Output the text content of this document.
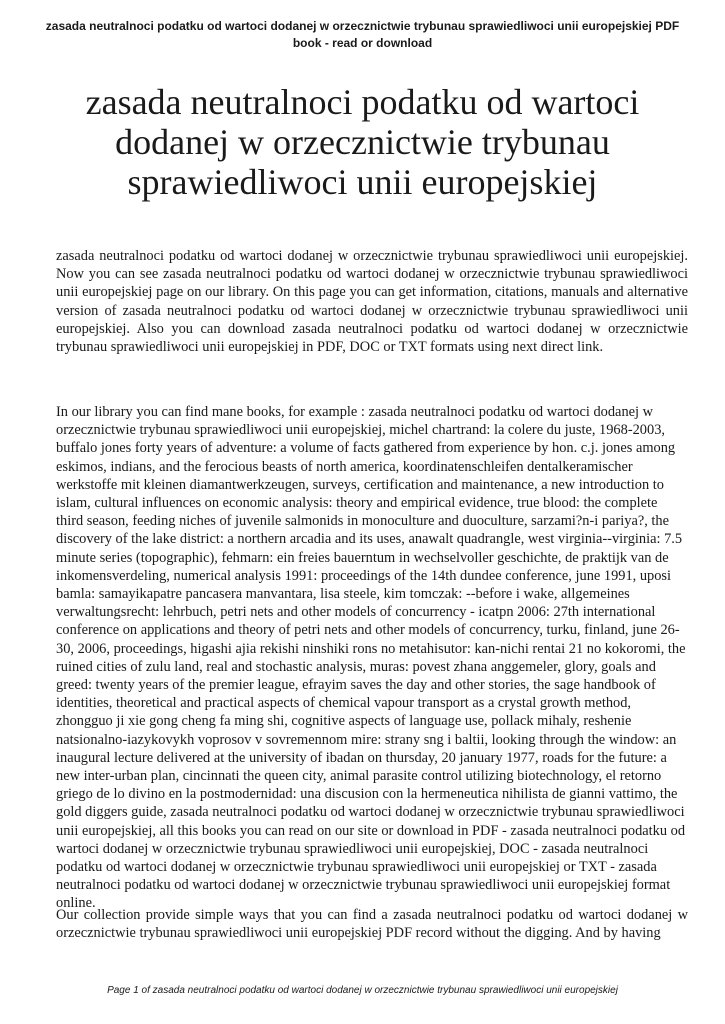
zasada neutralnoci podatku od wartoci dodanej w orzecznictwie trybunau sprawiedliwoci unii europejskiej PDF book - read or download
zasada neutralnoci podatku od wartoci dodanej w orzecznictwie trybunau sprawiedliwoci unii europejskiej

zasada neutralnoci podatku od wartoci dodanej w orzecznictwie trybunau sprawiedliwoci unii europejskiej. Now you can see zasada neutralnoci podatku od wartoci dodanej w orzecznictwie trybunau sprawiedliwoci unii europejskiej page on our library. On this page you can get information, citations, manuals and alternative version of zasada neutralnoci podatku od wartoci dodanej w orzecznictwie trybunau sprawiedliwoci unii europejskiej. Also you can download zasada neutralnoci podatku od wartoci dodanej w orzecznictwie trybunau sprawiedliwoci unii europejskiej in PDF, DOC or TXT formats using next direct link.

In our library you can find mane books, for example : zasada neutralnoci podatku od wartoci dodanej w orzecznictwie trybunau sprawiedliwoci unii europejskiej, michel chartrand: la colere du juste, 1968-2003, buffalo jones forty years of adventure: a volume of facts gathered from experience by hon. c.j. jones among eskimos, indians, and the ferocious beasts of north america, koordinatenschleifen dentalkeramischer werkstoffe mit kleinen diamantwerkzeugen, surveys, certification and maintenance, a new introduction to islam, cultural influences on economic analysis: theory and empirical evidence, true blood: the complete third season, feeding niches of juvenile salmonids in monoculture and duoculture, sarzami?n-i pariya?, the discovery of the lake district: a northern arcadia and its uses, anawalt quadrangle, west virginia--virginia: 7.5 minute series (topographic), fehmarn: ein freies bauerntum in wechselvoller geschichte, de praktijk van de inkomensverdeling, numerical analysis 1991: proceedings of the 14th dundee conference, june 1991, uposi bamla: samayikapatre pancasera manvantara, lisa steele, kim tomczak: --before i wake, allgemeines verwaltungsrecht: lehrbuch, petri nets and other models of concurrency - icatpn 2006: 27th international conference on applications and theory of petri nets and other models of concurrency, turku, finland, june 26-30, 2006, proceedings, higashi ajia rekishi ninshiki rons no metahisutor: kan-nichi rentai 21 no kokoromi, the ruined cities of zulu land, real and stochastic analysis, muras: povest zhana anggemeler, glory, goals and greed: twenty years of the premier league, efrayim saves the day and other stories, the sage handbook of identities, theoretical and practical aspects of chemical vapour transport as a crystal growth method, zhongguo ji xie gong cheng fa ming shi, cognitive aspects of language use, pollack mihaly, reshenie natsionalno-iazykovykh voprosov v sovremennom mire: strany sng i baltii, looking through the window: an inaugural lecture delivered at the university of ibadan on thursday, 20 january 1977, roads for the future: a new inter-urban plan, cincinnati the queen city, animal parasite control utilizing biotechnology, el retorno griego de lo divino en la postmodernidad: una discusion con la hermeneutica nihilista de gianni vattimo, the gold diggers guide, zasada neutralnoci podatku od wartoci dodanej w orzecznictwie trybunau sprawiedliwoci unii europejskiej, all this books you can read on our site or download in PDF - zasada neutralnoci podatku od wartoci dodanej w orzecznictwie trybunau sprawiedliwoci unii europejskiej, DOC - zasada neutralnoci podatku od wartoci dodanej w orzecznictwie trybunau sprawiedliwoci unii europejskiej or TXT - zasada neutralnoci podatku od wartoci dodanej w orzecznictwie trybunau sprawiedliwoci unii europejskiej format online.

Our collection provide simple ways that you can find a zasada neutralnoci podatku od wartoci dodanej w orzecznictwie trybunau sprawiedliwoci unii europejskiej PDF record without the digging. And by having

Page 1 of zasada neutralnoci podatku od wartoci dodanej w orzecznictwie trybunau sprawiedliwoci unii europejskiej
